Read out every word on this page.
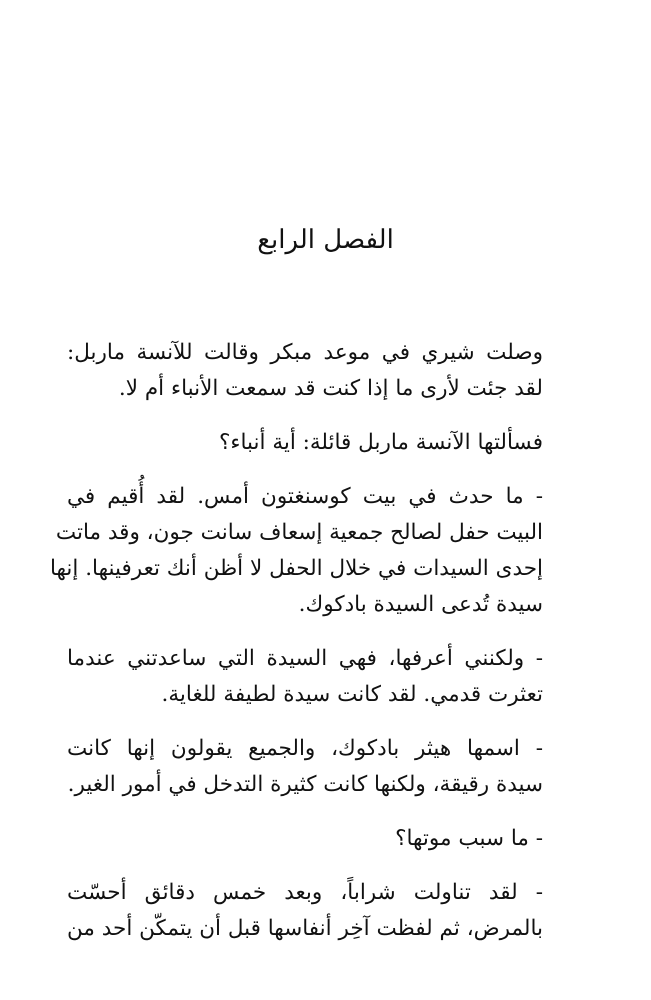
الفصل الرابع

وصلت شيري في موعد مبكر وقالت للآنسة ماربل:
لقد جئت لأرى ما إذا كنت قد سمعت الأنباء أم لا.

فسألتها الآنسة ماربل قائلة: أية أنباء؟

- ما حدث في بيت كوسنغتون أمس. لقد أُقيم في
البيت حفل لصالح جمعية إسعاف سانت جون، وقد ماتت
إحدى السيدات في خلال الحفل لا أظن أنك تعرفينها. إنها
سيدة تُدعى السيدة بادكوك.

- ولكنني أعرفها، فهي السيدة التي ساعدتني عندما
تعثرت قدمي. لقد كانت سيدة لطيفة للغاية.

- اسمها هيثر بادكوك، والجميع يقولون إنها كانت
سيدة رقيقة، ولكنها كانت كثيرة التدخل في أمور الغير.

- ما سبب موتها؟

- لقد تناولت شراباً، وبعد خمس دقائق أحسّت
بالمرض، ثم لفظت آخِر أنفاسها قبل أن يتمكّن أحد من
